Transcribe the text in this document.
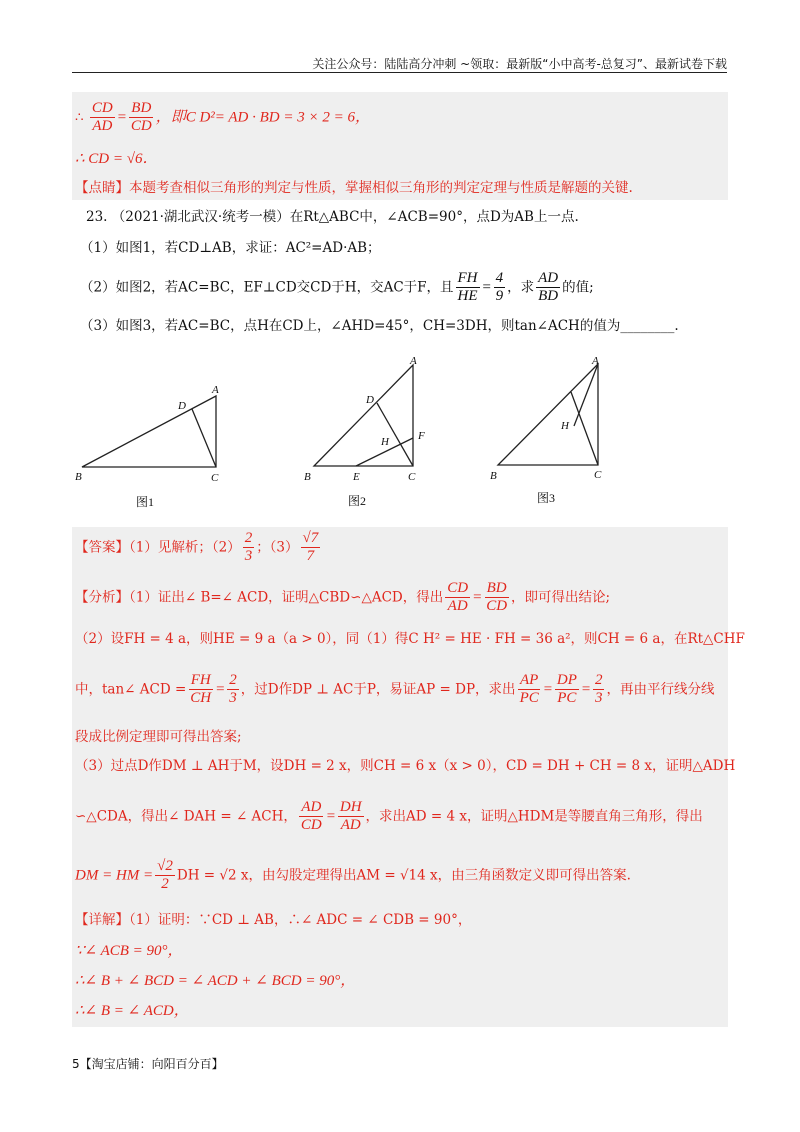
关注公众号：陆陆高分冲刺 ~领取：最新版“小中高考-总复习”、最新试卷下载
∴ $\frac{CD}{AD} = \frac{BD}{CD}$ ，即C D²= AD · BD = 3 × 2 = 6，
∴ CD = √6．
【点睛】本题考查相似三角形的判定与性质，掌握相似三角形的判定定理与性质是解题的关键.
23. （2021·湖北武汉·统考一模）在Rt△ABC中，∠ACB=90°，点D为AB上一点.
（1）如图1，若CD⊥AB，求证：AC²=AD·AB；
（2）如图2，若AC=BC，EF⊥CD交CD于H，交AC于F，且 $\frac{FH}{HE} = \frac{4}{9}$ ，求 $\frac{AD}{BD}$ 的值;
（3）如图3，若AC=BC，点H在CD上，∠AHD=45°，CH=3DH，则tan∠ACH的值为________.
A
B	C
D
图1
A
B	C
D
E
F
H
图2
A
B	C
H
图3
【答案】（1）见解析；$(2) \frac{2}{3}$ ；$(3) \frac{√7}{7}$
【分析】（1）证出∠ B=∠ ACD，证明△CBD∽△ACD，得出 $\frac{CD}{AD} = \frac{BD}{CD}$ ，即可得出结论;
（2）设FH = 4 a，则HE = 9 a（a > 0），同（1）得C H² = HE · FH = 36 a²，则CH = 6 a，在Rt△CHF
中，tan∠ ACD = $\frac{FH}{CH} = \frac{2}{3}$ ，过D作DP ⊥ AC于P，易证AP = DP，求出 $\frac{AP}{PC} = \frac{DP}{PC} = \frac{2}{3}$ ，再由平行线分线
段成比例定理即可得出答案;
（3）过点D作DM ⊥ AH于M，设DH = 2 x，则CH = 6 x（x > 0），CD = DH + CH = 8 x，证明△ADH
∽△CDA，得出∠ DAH = ∠ ACH， $\frac{AD}{CD} = \frac{DH}{AD}$ ，求出AD = 4 x，证明△HDM是等腰直角三角形，得出
DM = HM = $\frac{√2}{2}$ DH = √2 x，由勾股定理得出AM = √14 x，由三角函数定义即可得出答案.
【详解】（1）证明：∵CD ⊥ AB，∴∠ ADC = ∠ CDB = 90°，
∵∠ ACB = 90°，
∴∠ B + ∠ BCD = ∠ ACD + ∠ BCD = 90°，
∴∠ B = ∠ ACD，
5【淘宝店铺：向阳百分百】
